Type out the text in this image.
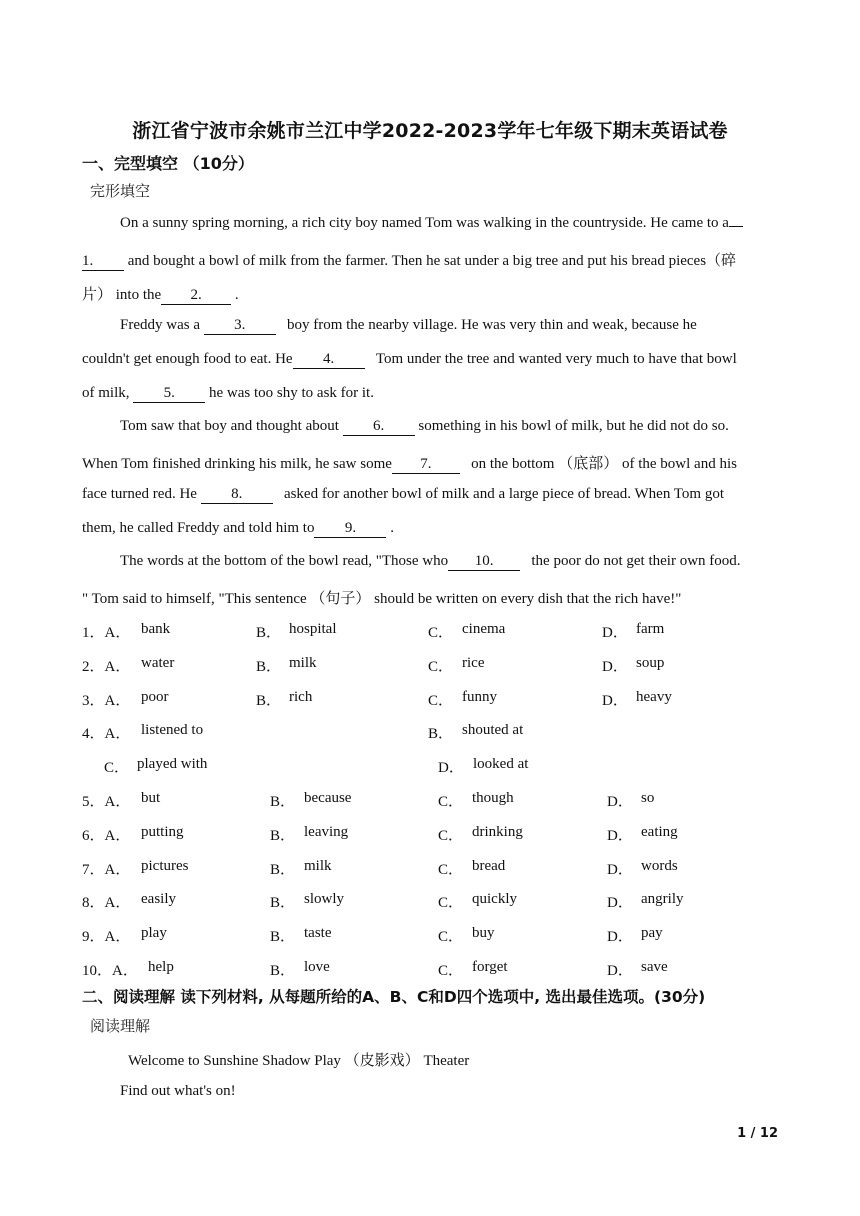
浙江省宁波市余姚市兰江中学2022-2023学年七年级下期末英语试卷
一、完型填空 （10分）
完形填空
On a sunny spring morning, a rich city boy named Tom was walking in the countryside. He came to a
1. and bought a bowl of milk from the farmer. Then he sat under a big tree and put his bread pieces（碎
片） into the 2. .
Freddy was a 3.	boy from the nearby village. He was very thin and weak, because he
couldn't get enough food to eat. He 4.	Tom under the tree and wanted very much to have that bowl
of milk, 5. he was too shy to ask for it.
Tom saw that boy and thought about 6. something in his bowl of milk, but he did not do so.
When Tom finished drinking his milk, he saw some 7.	on the bottom （底部） of the bowl and his
face turned red. He 8.	asked for another bowl of milk and a large piece of bread. When Tom got
them, he called Freddy and told him to 9. .
The words at the bottom of the bowl read, "Those who 10.	the poor do not get their own food.
" Tom said to himself, "This sentence （句子） should be written on every dish that the rich have!"
1．A． bank	B． hospital	C． cinema	D． farm
2．A． water	B． milk	C． rice	D． soup
3．A． poor	B． rich	C． funny	D． heavy
4．A． listened to	B． shouted at
C． played with	D． looked at
5．A． but	B． because	C． though	D． so
6．A． putting	B． leaving	C． drinking	D． eating
7．A． pictures	B． milk	C． bread	D． words
8．A． easily	B． slowly	C． quickly	D． angrily
9．A． play	B． taste	C． buy	D． pay
10．A． help	B． love	C． forget	D． save
二、阅读理解 读下列材料, 从每题所给的A、B、C和D四个选项中, 选出最佳选项。(30分)
阅读理解
Welcome to Sunshine Shadow Play （皮影戏） Theater
Find out what's on!
1 / 12
